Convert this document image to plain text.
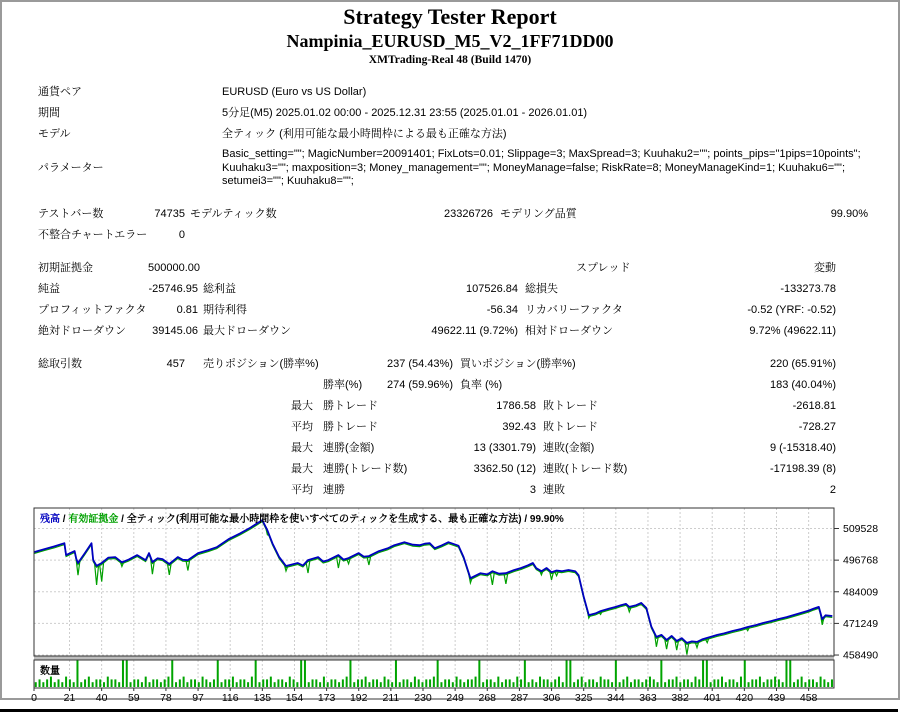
Strategy Tester Report
Nampinia_EURUSD_M5_V2_1FF71DD00
XMTrading-Real 48 (Build 1470)
通貨ペア	EURUSD (Euro vs US Dollar)
期間	5分足(M5) 2025.01.02 00:00 - 2025.12.31 23:55 (2025.01.01 - 2026.01.01)
モデル	全ティック (利用可能な最小時間枠による最も正確な方法)
パラメーター
Basic_setting=""; MagicNumber=20091401; FixLots=0.01; Slippage=3; MaxSpread=3; Kuuhaku2=""; points_pips="1pips=10points"; Kuuhaku3=""; maxposition=3; Money_management=""; MoneyManage=false; RiskRate=8; MoneyManageKind=1; Kuuhaku6=""; setumei3=""; Kuuhaku8="";
テストバー数	74735 モデルティック数	23326726 モデリング品質	99.90%
不整合チャートエラー	0
初期証拠金	500000.00	スプレッド	変動
純益	-25746.95 総利益	107526.84 総損失	-133273.78
プロフィットファクタ	0.81 期待利得	-56.34 リカバリーファクタ	-0.52 (YRF: -0.52)
絶対ドローダウン	39145.06 最大ドローダウン	49622.11 (9.72%) 相対ドローダウン	9.72% (49622.11)
総取引数	457	売りポジション(勝率%)	237 (54.43%) 買いポジション(勝率%)	220 (65.91%)
勝率(%)	274 (59.96%) 負率 (%)	183 (40.04%)
最大 勝トレード	1786.58 敗トレード	-2618.81
平均 勝トレード	392.43 敗トレード	-728.27
最大 連勝(金額)	13 (3301.79) 連敗(金額)	9 (-15318.40)
最大 連勝(トレード数)	3362.50 (12) 連敗(トレード数)	-17198.39 (8)
平均 連勝	3 連敗	2
509528
496768
484009
471249
458490
0	21 40 59 78 97 116 135 154 173 192 211 230 249 268 287 306 325 344 363 382 401 420 439 458
残高 / 有効証拠金 / 全ティック(利用可能な最小時間枠を使いすべてのティックを生成する、最も正確な方法) / 99.90%
数量
